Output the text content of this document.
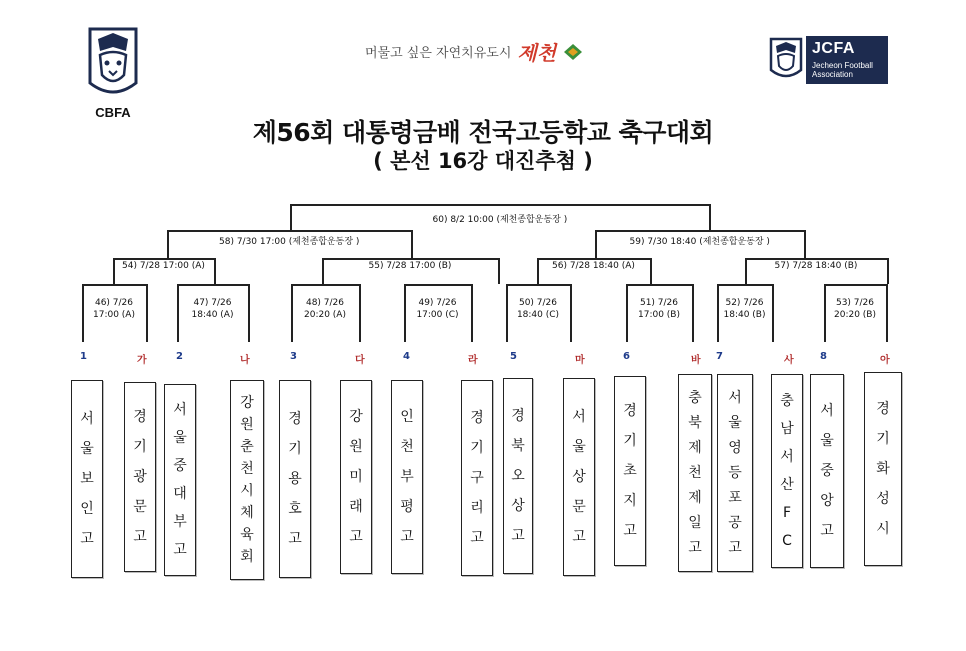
CBFA
머물고 싶은 자연치유도시 제천	JCFA
Jecheon Football Association
제56회 대통령금배 전국고등학교 축구대회
( 본선 16강 대진추첨 )
60) 8/2 10:00 (제천종합운동장 )
58) 7/30 17:00 (제천종합운동장 )	59) 7/30 18:40 (제천종합운동장 )
54) 7/28 17:00 (A)	55) 7/28 17:00 (B)	56) 7/28 18:40 (A)	57) 7/28 18:40 (B)
46) 7/26
17:00 (A)
47) 7/26
18:40 (A)
48) 7/26
20:20 (A)
49) 7/26
17:00 (C)
50) 7/26
18:40 (C)
51) 7/26
17:00 (B)
52) 7/26
18:40 (B)
53) 7/26
20:20 (B)
1
서
울
보
인
고
가
경
기
광
문
고
2
서
울
중
대
부
고
나
강
원
춘
천
시
체
육
회
3
경
기
용
호
고
다
강
원
미
래
고
4
인
천
부
평
고
라
경
기
구
리
고
5
경
북
오
상
고
마
서
울
상
문
고
6
경
기
초
지
고
바
충
북
제
천
제
일
고
7
서
울
영
등
포
공
고
사
충
남
서
산
F
C
8
서
울
중
앙
고
아
경
기
화
성
시
